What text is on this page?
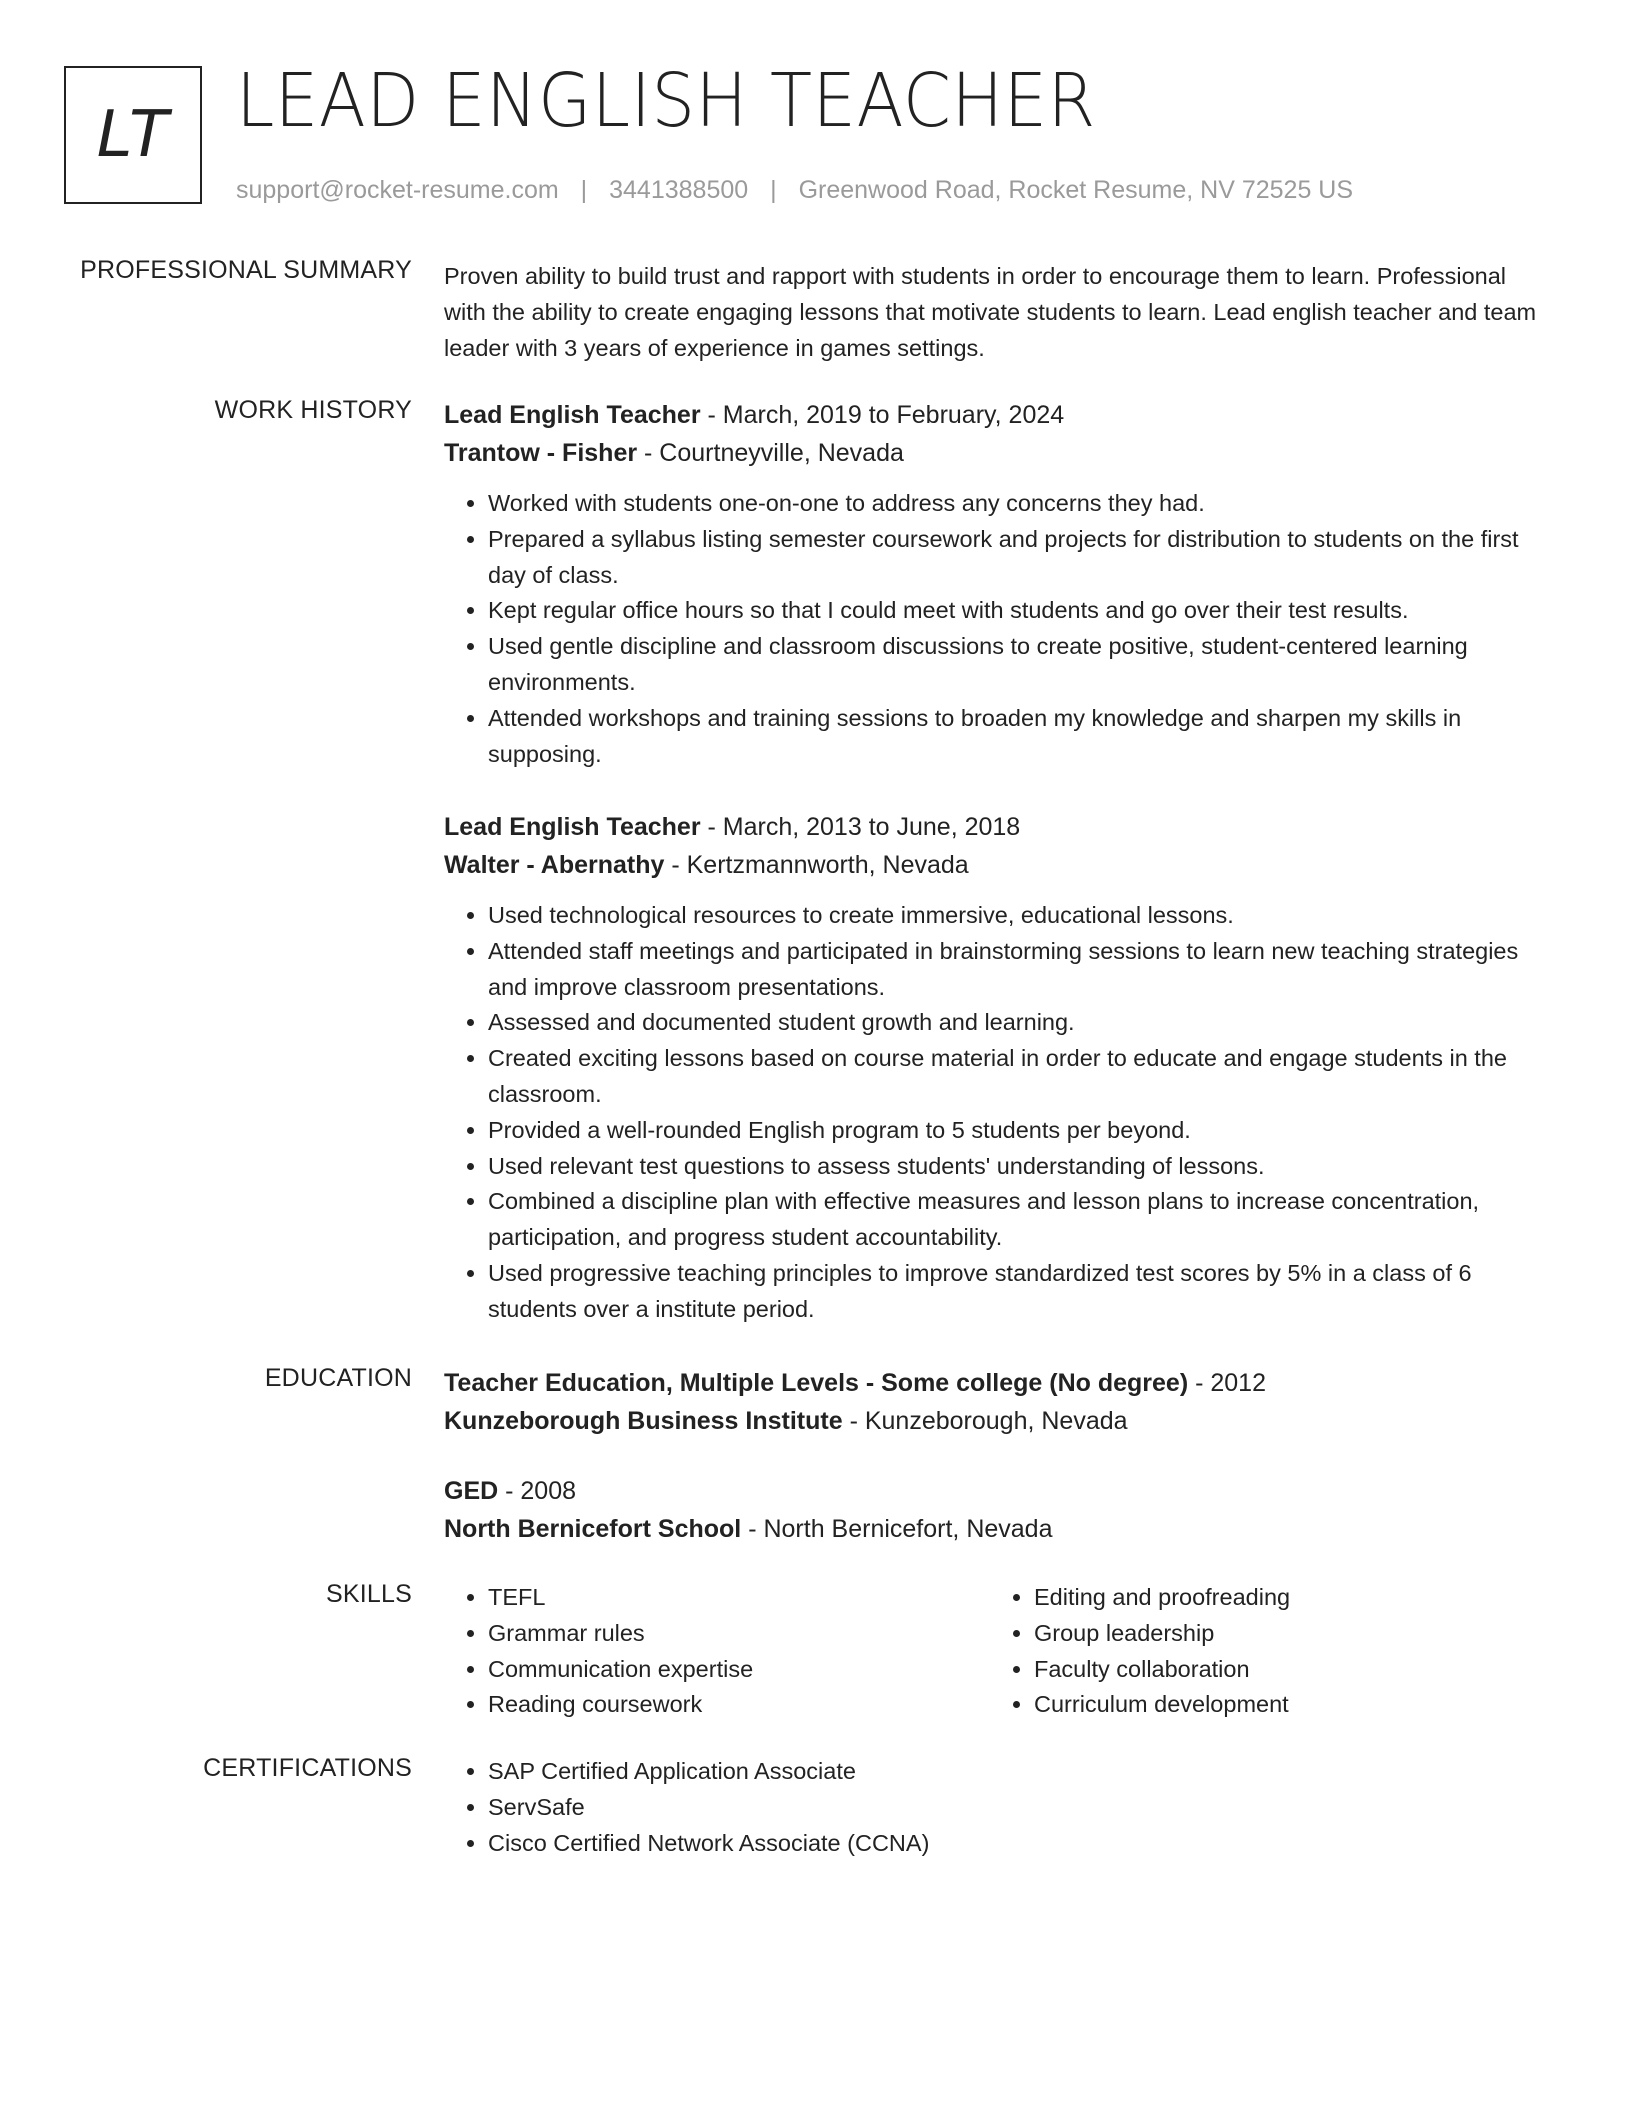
LT LEAD ENGLISH TEACHER
support@rocket-resume.com | 3441388500 | Greenwood Road, Rocket Resume, NV 72525 US
PROFESSIONAL SUMMARY Proven ability to build trust and rapport with students in order to encourage them to learn. Professional with the ability to create engaging lessons that motivate students to learn. Lead english teacher and team leader with 3 years of experience in games settings.

WORK HISTORY Lead English Teacher - March, 2019 to February, 2024
Trantow - Fisher - Courtneyville, Nevada
• Worked with students one-on-one to address any concerns they had.
• Prepared a syllabus listing semester coursework and projects for distribution to students on the first day of class.
• Kept regular office hours so that I could meet with students and go over their test results.
• Used gentle discipline and classroom discussions to create positive, student-centered learning environments.
• Attended workshops and training sessions to broaden my knowledge and sharpen my skills in supposing.
Lead English Teacher - March, 2013 to June, 2018
Walter - Abernathy - Kertzmannworth, Nevada
• Used technological resources to create immersive, educational lessons.
• Attended staff meetings and participated in brainstorming sessions to learn new teaching strategies and improve classroom presentations.
• Assessed and documented student growth and learning.
• Created exciting lessons based on course material in order to educate and engage students in the classroom.
• Provided a well-rounded English program to 5 students per beyond.
• Used relevant test questions to assess students' understanding of lessons.
• Combined a discipline plan with effective measures and lesson plans to increase concentration, participation, and progress student accountability.
• Used progressive teaching principles to improve standardized test scores by 5% in a class of 6 students over a institute period.
EDUCATION Teacher Education, Multiple Levels - Some college (No degree) - 2012
Kunzeborough Business Institute - Kunzeborough, Nevada
GED - 2008
North Bernicefort School - North Bernicefort, Nevada
SKILLS	• TEFL
• Grammar rules
• Communication expertise
• Reading coursework
• Editing and proofreading
• Group leadership
• Faculty collaboration
• Curriculum development
CERTIFICATIONS	• SAP Certified Application Associate
• ServSafe
• Cisco Certified Network Associate (CCNA)
